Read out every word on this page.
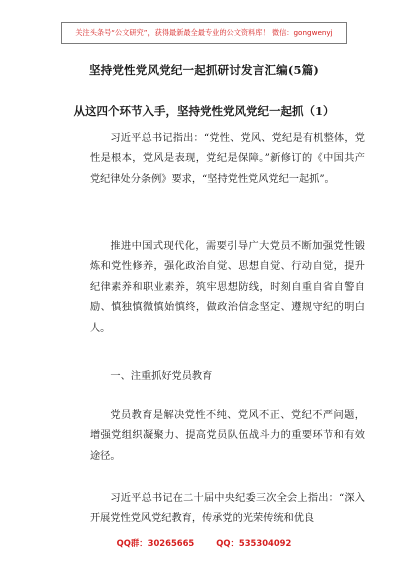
关注头条号“公文研究”，获得最新最全最专业的公文资料库！ 微信：gongwenyj
坚持党性党风党纪一起抓研讨发言汇编(5篇)
从这四个环节入手，坚持党性党风党纪一起抓（1）

习近平总书记指出：“党性、党风、党纪是有机整体，党性是根本，党风是表现，党纪是保障。”新修订的《中国共产党纪律处分条例》要求，“坚持党性党风党纪一起抓”。

推进中国式现代化，需要引导广大党员不断加强党性锻炼和党性修养，强化政治自觉、思想自觉、行动自觉，提升纪律素养和职业素养，筑牢思想防线，时刻自重自省自警自励、慎独慎微慎始慎终，做政治信念坚定、遵规守纪的明白人。

一、注重抓好党员教育

党员教育是解决党性不纯、党风不正、党纪不严问题，增强党组织凝聚力、提高党员队伍战斗力的重要环节和有效途径。

习近平总书记在二十届中央纪委三次全会上指出：“深入开展党性党风党纪教育，传承党的光荣传统和优良

QQ群：30265665	QQ：535304092
